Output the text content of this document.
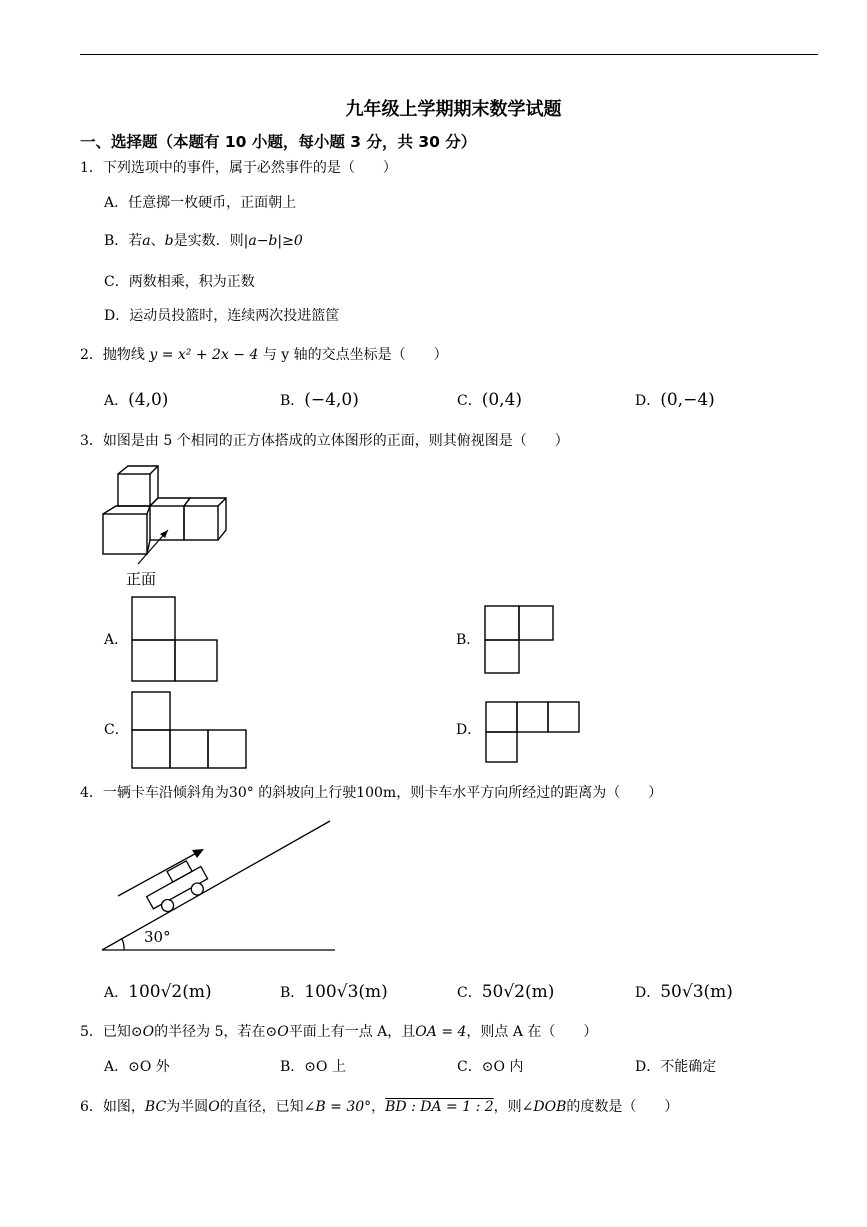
九年级上学期期末数学试题
一、选择题（本题有 10 小题，每小题 3 分，共 30 分）
1．下列选项中的事件，属于必然事件的是（　　）
A．任意掷一枚硬币，正面朝上
B．若a、b是实数．则|a−b|≥0
C．两数相乘，积为正数
D．运动员投篮时，连续两次投进篮筐
2．抛物线 y = x² + 2x − 4 与 y 轴的交点坐标是（　　）
A．(4,0)	B．(−4,0)	C．(0,4)	D．(0,−4)
3．如图是由 5 个相同的正方体搭成的立体图形的正面，则其俯视图是（　　）
正面
A．	B．
C．	D．
4．一辆卡车沿倾斜角为30° 的斜坡向上行驶100m，则卡车水平方向所经过的距离为（　　）
30°
A．100√2(m)	B．100√3(m)	C．50√2(m)	D．50√3(m)
5．已知⊙O的半径为 5，若在⊙O平面上有一点 A，且OA = 4，则点 A 在（　　）
A．⊙O 外	B．⊙O 上	C．⊙O 内	D．不能确定
6．如图，BC为半圆O的直径，已知∠B = 30°，BD : DA = 1 : 2，则∠DOB的度数是（　　）
